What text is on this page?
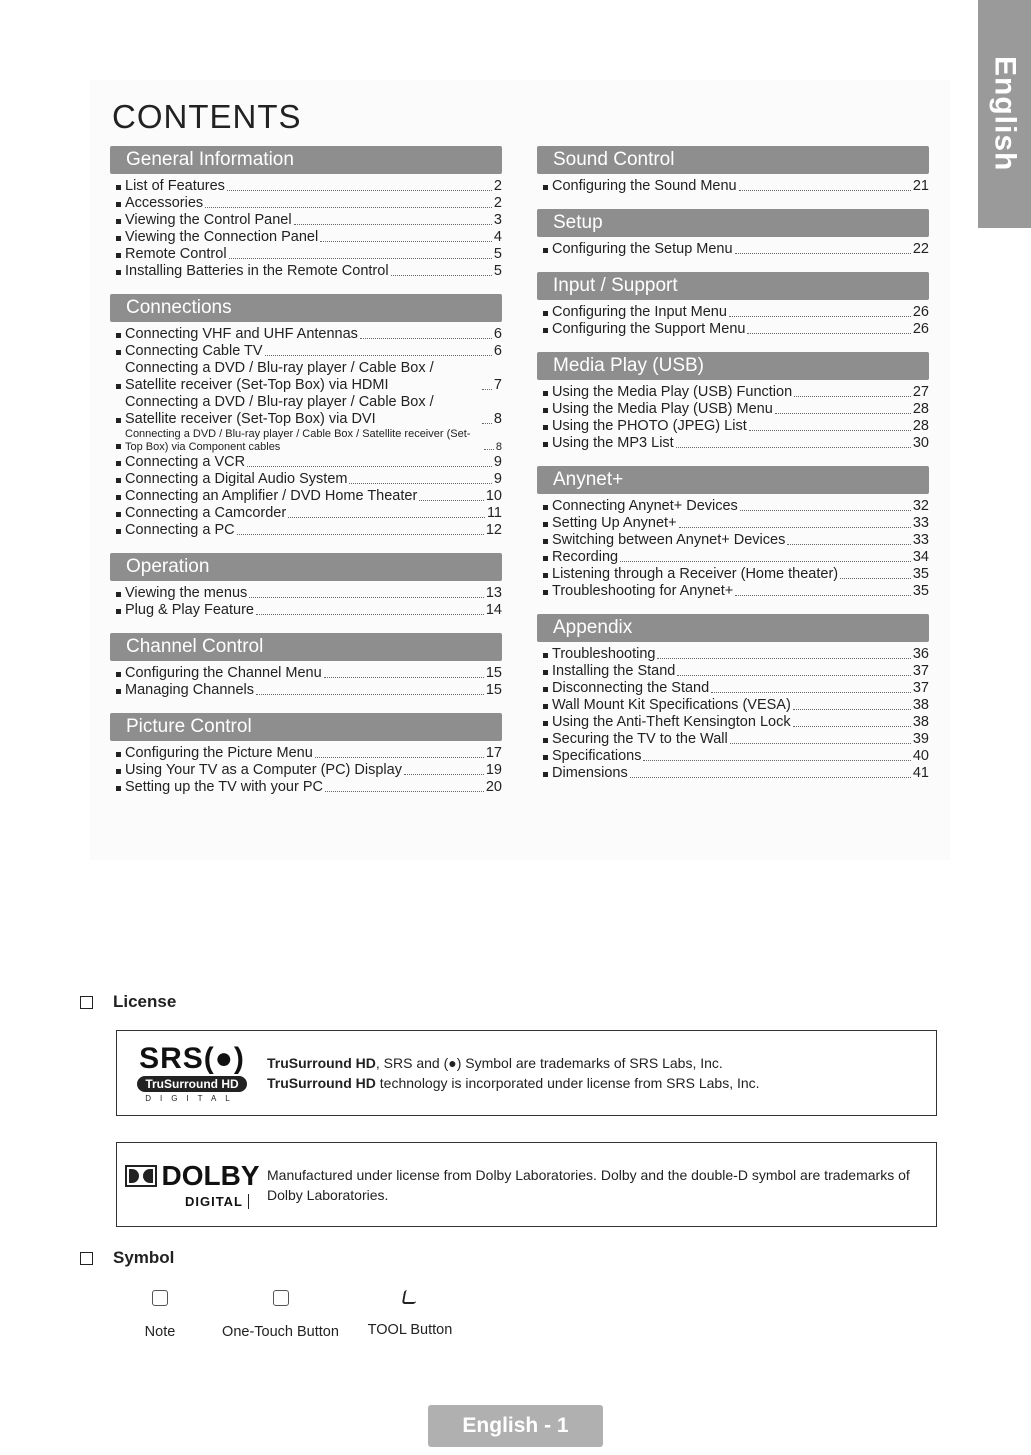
English
CONTENTS
General Information
List of Features	2
Accessories	2
Viewing the Control Panel	3
Viewing the Connection Panel	4
Remote Control	5
Installing Batteries in the Remote Control	5
Connections
Connecting VHF and UHF Antennas	6
Connecting Cable TV	6
Connecting a DVD / Blu-ray player / Cable Box / Satellite receiver (Set-Top Box) via HDMI	7
Connecting a DVD / Blu-ray player / Cable Box / Satellite receiver (Set-Top Box) via DVI	8
Connecting a DVD / Blu-ray player / Cable Box / Satellite receiver (Set-Top Box) via Component cables	8
Connecting a VCR	9
Connecting a Digital Audio System	9
Connecting an Amplifier / DVD Home Theater	10
Connecting a Camcorder	11
Connecting a PC	12
Operation
Viewing the menus	13
Plug & Play Feature	14
Channel Control
Configuring the Channel Menu	15
Managing Channels	15
Picture Control
Configuring the Picture Menu	17
Using Your TV as a Computer (PC) Display	19
Setting up the TV with your PC	20
Sound Control
Configuring the Sound Menu	21
Setup
Configuring the Setup Menu	22
Input / Support
Configuring the Input Menu	26
Configuring the Support Menu	26
Media Play (USB)
Using the Media Play (USB) Function	27
Using the Media Play (USB) Menu	28
Using the PHOTO (JPEG) List	28
Using the MP3 List	30
Anynet+
Connecting Anynet+ Devices	32
Setting Up Anynet+	33
Switching between Anynet+ Devices	33
Recording	34
Listening through a Receiver (Home theater)	35
Troubleshooting for Anynet+	35
Appendix
Troubleshooting	36
Installing the Stand	37
Disconnecting the Stand	37
Wall Mount Kit Specifications (VESA)	38
Using the Anti-Theft Kensington Lock	38
Securing the TV to the Wall	39
Specifications	40
Dimensions	41
License
SRS(●)
TruSurround HD
DIGITAL
TruSurround HD, SRS and (●) Symbol are trademarks of SRS Labs, Inc.
TruSurround HD technology is incorporated under license from SRS Labs, Inc.
DOLBY
DIGITAL
Manufactured under license from Dolby Laboratories. Dolby and the double-D symbol are trademarks of Dolby Laboratories.
Symbol
Note	One-Touch Button TOOL Button
English - 1
